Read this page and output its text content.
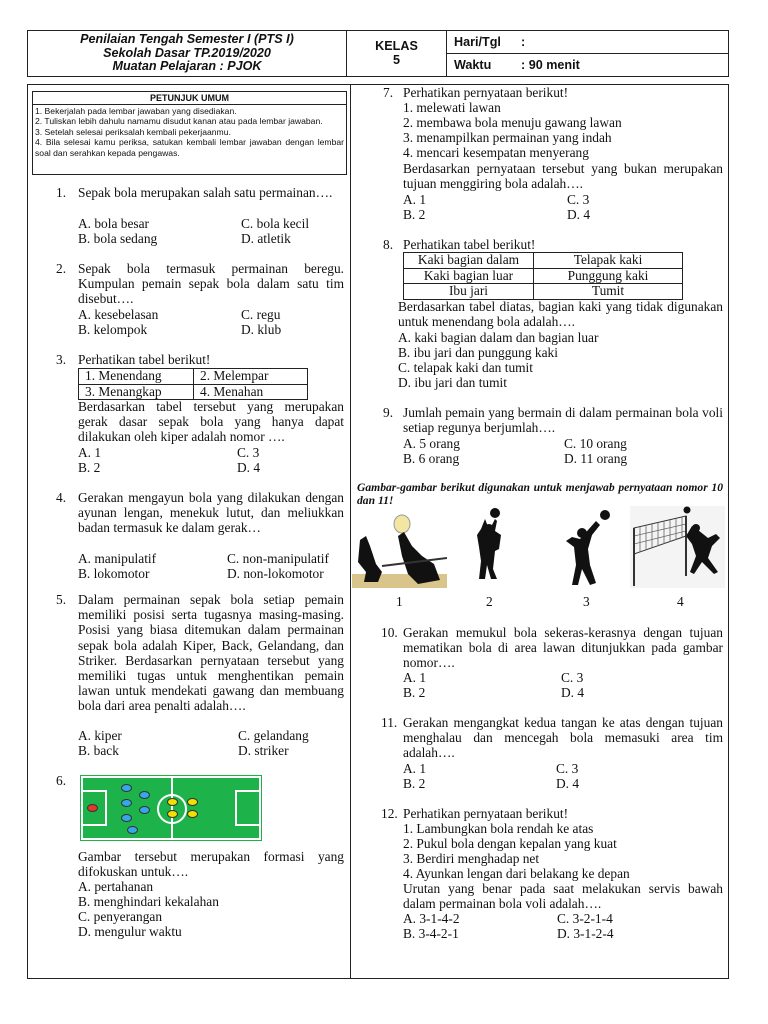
Penilaian Tengah Semester I (PTS I)
Sekolah Dasar TP.2019/2020
Muatan Pelajaran : PJOK
KELAS
5
Hari/Tgl :
Waktu : 90 menit
PETUNJUK UMUM
1. Bekerjalah pada lembar jawaban yang disediakan.
2. Tuliskan lebih dahulu namamu disudut kanan atau pada lembar jawaban.
3. Setelah selesai periksalah kembali pekerjaanmu.
4. Bila selesai kamu periksa, satukan kembali lembar jawaban dengan lembar soal dan serahkan kepada pengawas.
1. Sepak bola merupakan salah satu permainan….
A. bola besar	C. bola kecil
B. bola sedang	D. atletik
2. Sepak bola termasuk permainan beregu. Kumpulan pemain sepak bola dalam satu tim disebut….
A. kesebelasan	C. regu
B. kelompok	D. klub
3. Perhatikan tabel berikut!
1. Menendang	2. Melempar
3. Menangkap	4. Menahan
Berdasarkan tabel tersebut yang merupakan gerak dasar sepak bola yang hanya dapat dilakukan oleh kiper adalah nomor ….
A. 1	C. 3
B. 2	D. 4
4. Gerakan mengayun bola yang dilakukan dengan ayunan lengan, menekuk lutut, dan meliukkan badan termasuk ke dalam gerak…
A. manipulatif	C. non-manipulatif
B. lokomotor	D. non-lokomotor
5. Dalam permainan sepak bola setiap pemain memiliki posisi serta tugasnya masing-masing. Posisi yang biasa ditemukan dalam permainan sepak bola adalah Kiper, Back, Gelandang, dan Striker. Berdasarkan pernyataan tersebut yang memiliki tugas untuk menghentikan pemain lawan untuk mendekati gawang dan membuang bola dari area penalti adalah….
A. kiper	C. gelandang
B. back	D. striker
6.
Gambar tersebut merupakan formasi yang difokuskan untuk….
A. pertahanan
B. menghindari kekalahan
C. penyerangan
D. mengulur waktu
7. Perhatikan pernyataan berikut!
1. melewati lawan
2. membawa bola menuju gawang lawan
3. menampilkan permainan yang indah
4. mencari kesempatan menyerang
Berdasarkan pernyataan tersebut yang bukan merupakan tujuan menggiring bola adalah….
A. 1	C. 3
B. 2	D. 4
8. Perhatikan tabel berikut!
Kaki bagian dalam	Telapak kaki
Kaki bagian luar	Punggung kaki
Ibu jari	Tumit
Berdasarkan tabel diatas, bagian kaki yang tidak digunakan untuk menendang bola adalah….
A. kaki bagian dalam dan bagian luar
B. ibu jari dan punggung kaki
C. telapak kaki dan tumit
D. ibu jari dan tumit
9. Jumlah pemain yang bermain di dalam permainan bola voli setiap regunya berjumlah….
A. 5 orang	C. 10 orang
B. 6 orang	D. 11 orang
Gambar-gambar berikut digunakan untuk menjawab pernyataan nomor 10 dan 11!
1	2	3	4
10. Gerakan memukul bola sekeras-kerasnya dengan tujuan mematikan bola di area lawan ditunjukkan pada gambar nomor….
A. 1	C. 3
B. 2	D. 4
11. Gerakan mengangkat kedua tangan ke atas dengan tujuan menghalau dan mencegah bola memasuki area tim adalah….
A. 1	C. 3
B. 2	D. 4
12. Perhatikan pernyataan berikut!
1. Lambungkan bola rendah ke atas
2. Pukul bola dengan kepalan yang kuat
3. Berdiri menghadap net
4. Ayunkan lengan dari belakang ke depan
Urutan yang benar pada saat melakukan servis bawah dalam permainan bola voli adalah….
A. 3-1-4-2	C. 3-2-1-4
B. 3-4-2-1	D. 3-1-2-4
